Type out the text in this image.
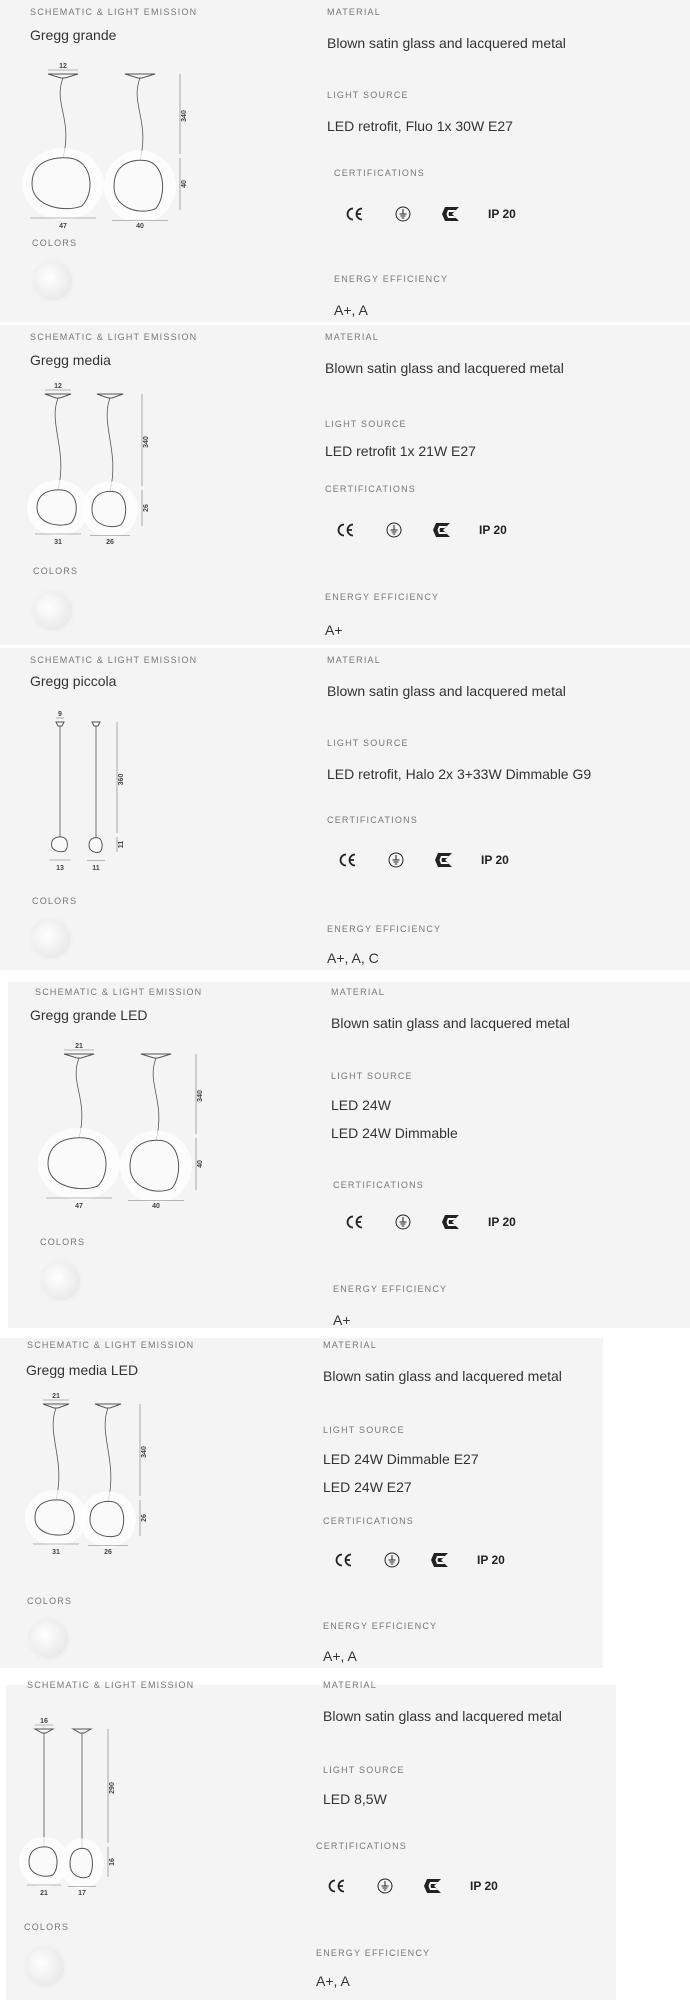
SCHEMATIC & LIGHT EMISSION
Gregg grande
12
47	40
340
40
COLORS
MATERIAL
Blown satin glass and lacquered metal
LIGHT SOURCE
LED retrofit, Fluo 1x 30W E27
CERTIFICATIONS
IP 20
ENERGY EFFICIENCY
A+, A
SCHEMATIC & LIGHT EMISSION
Gregg media
12
31	26
340
26
COLORS
MATERIAL
Blown satin glass and lacquered metal
LIGHT SOURCE
LED retrofit 1x 21W E27
CERTIFICATIONS
IP 20
ENERGY EFFICIENCY
A+
SCHEMATIC & LIGHT EMISSION
Gregg piccola
9
13	11
360
11
COLORS
MATERIAL
Blown satin glass and lacquered metal
LIGHT SOURCE
LED retrofit, Halo 2x 3+33W Dimmable G9
CERTIFICATIONS
IP 20
ENERGY EFFICIENCY
A+, A, C
SCHEMATIC & LIGHT EMISSION
Gregg grande LED
21
47	40
340
40
COLORS
MATERIAL
Blown satin glass and lacquered metal
LIGHT SOURCE
LED 24W
LED 24W Dimmable
CERTIFICATIONS
IP 20
ENERGY EFFICIENCY
A+
SCHEMATIC & LIGHT EMISSION
Gregg media LED
21
31	26
340
26
COLORS
MATERIAL
Blown satin glass and lacquered metal
LIGHT SOURCE
LED 24W Dimmable E27
LED 24W E27
CERTIFICATIONS
IP 20
ENERGY EFFICIENCY
A+, A
SCHEMATIC & LIGHT EMISSION
16
21	17
290
16
COLORS
MATERIAL
Blown satin glass and lacquered metal
LIGHT SOURCE
LED 8,5W
CERTIFICATIONS
IP 20
ENERGY EFFICIENCY
A+, A
